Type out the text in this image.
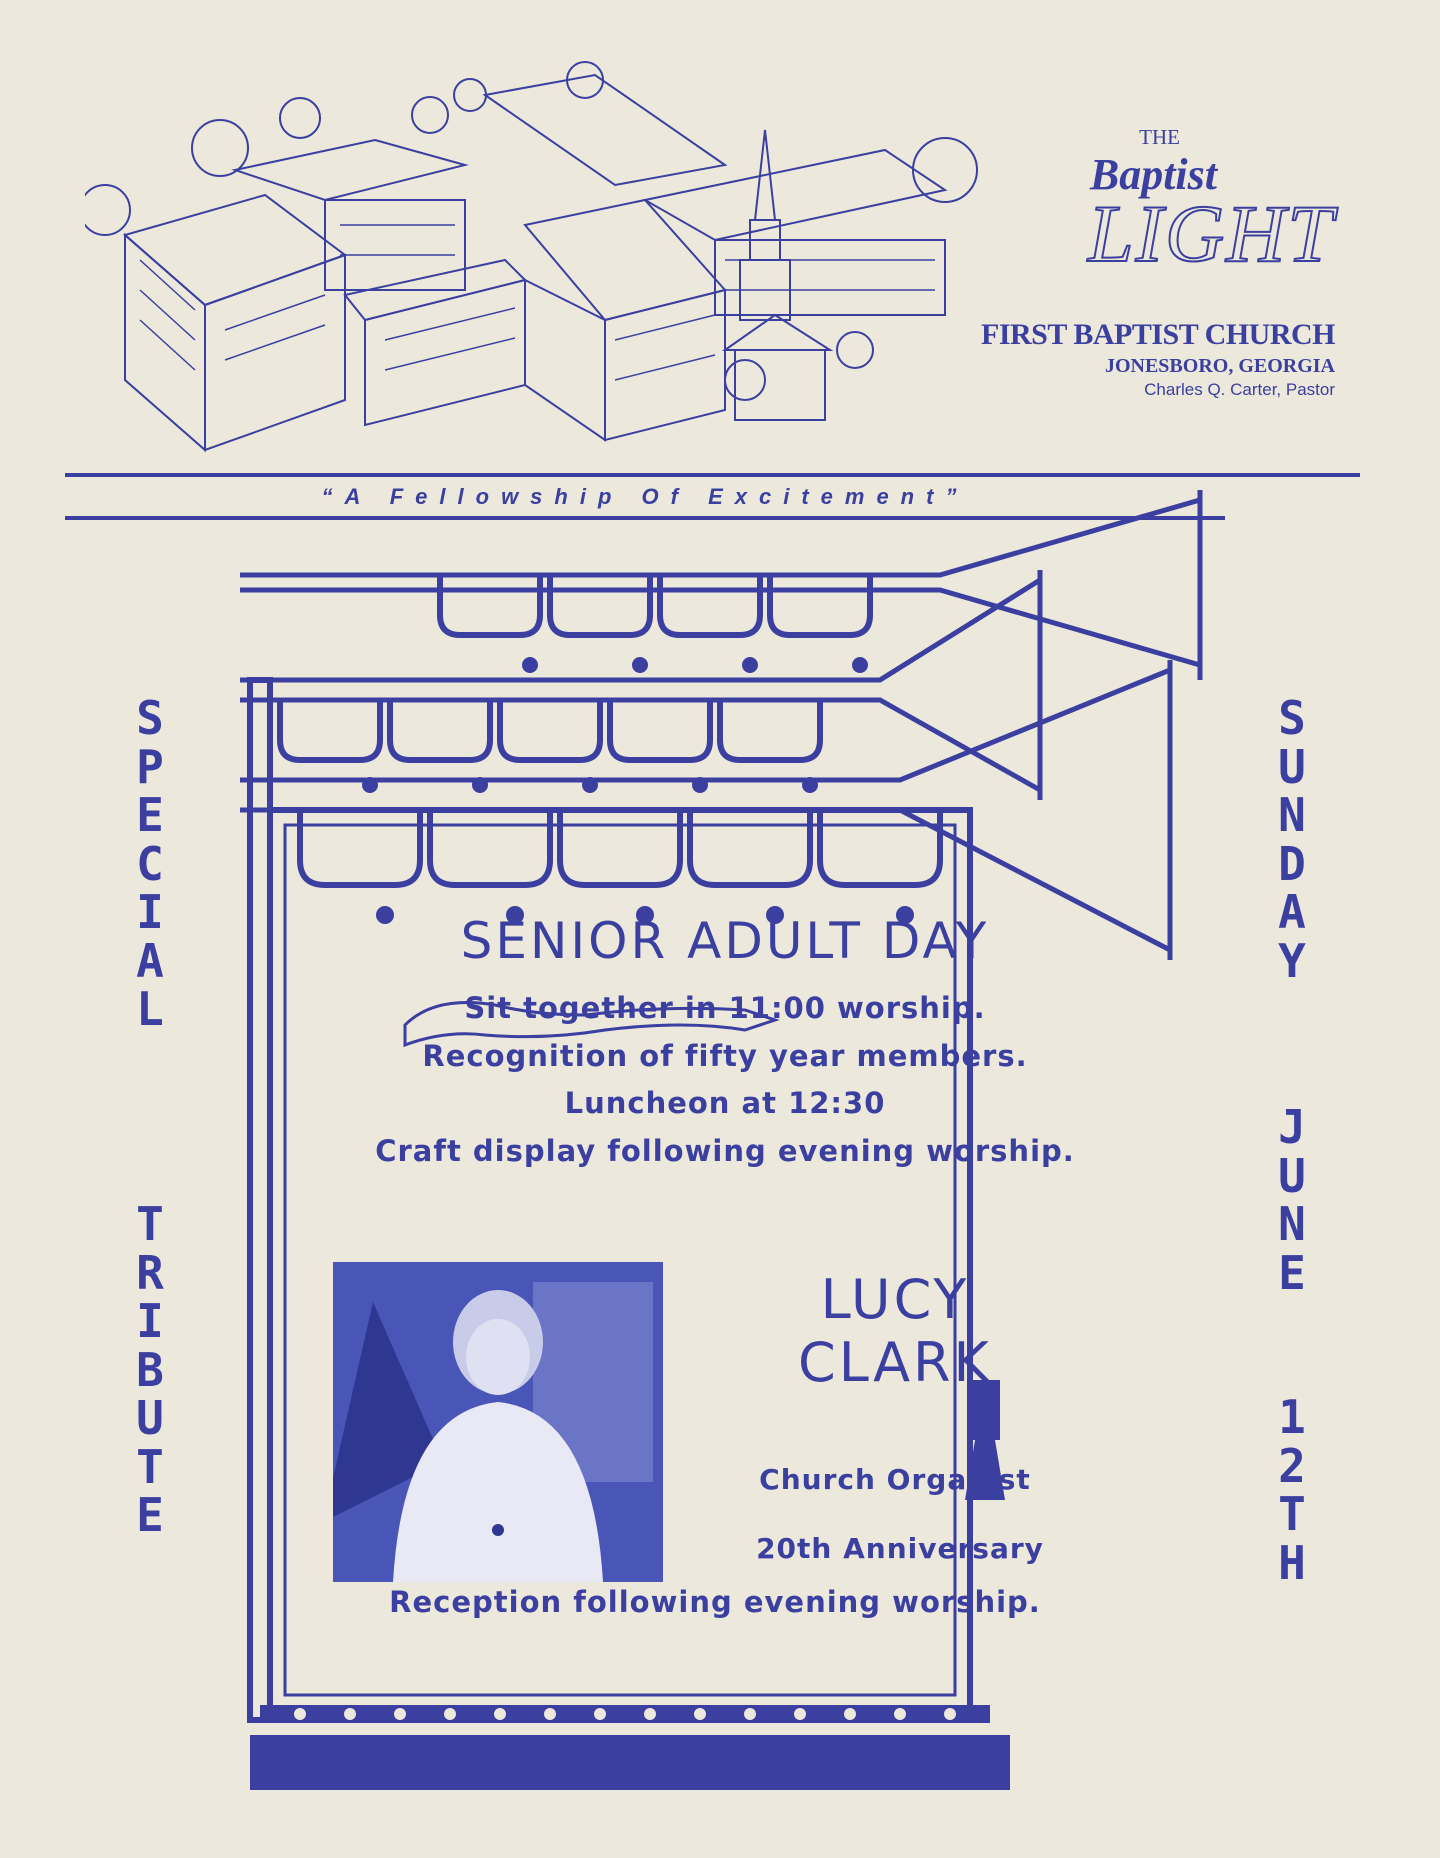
THE
Baptist
LIGHT
FIRST BAPTIST CHURCH
JONESBORO, GEORGIA
Charles Q. Carter, Pastor
“A Fellowship Of Excitement”
S
P
E
C
I
A
L
T
R
I
B
U
T
E
S
U
N
D
A
Y
J
U
N
E
1
2
T
H
SENIOR ADULT DAY
Sit together in 11:00 worship.
Recognition of fifty year members.
Luncheon at 12:30
Craft display following evening worship.
LUCY
CLARK
Church Organist
20th Anniversary
Reception following evening worship.
